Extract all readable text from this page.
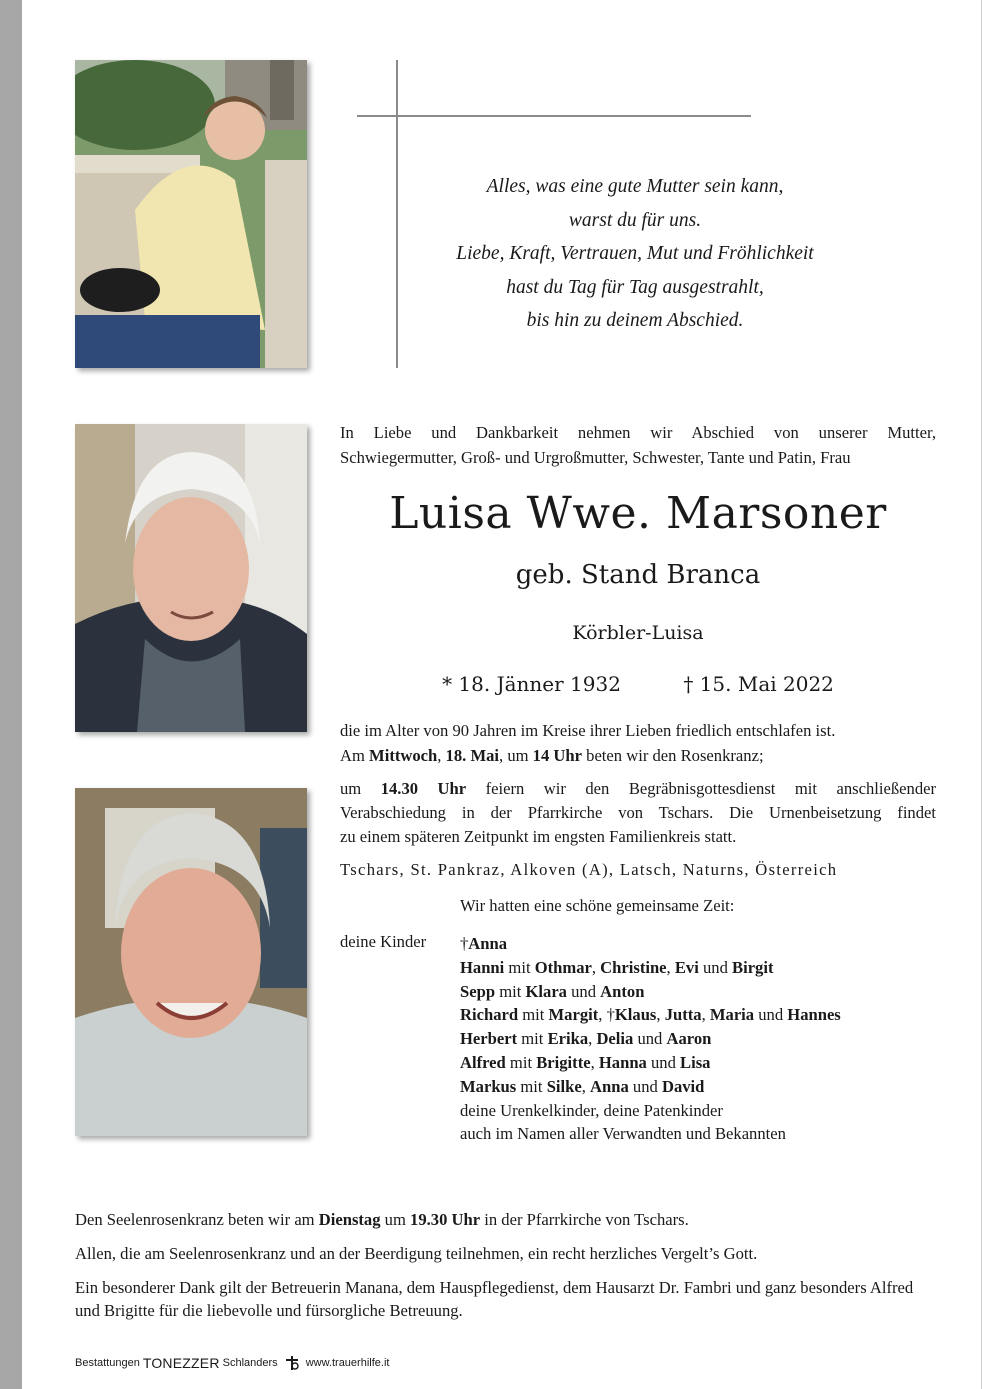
Alles, was eine gute Mutter sein kann,
warst du für uns.
Liebe, Kraft, Vertrauen, Mut und Fröhlichkeit
hast du Tag für Tag ausgestrahlt,
bis hin zu deinem Abschied.
In Liebe und Dankbarkeit nehmen wir Abschied von unserer Mutter,
Schwiegermutter, Groß- und Urgroßmutter, Schwester, Tante und Patin, Frau
Luisa Wwe. Marsoner
geb. Stand Branca
Körbler-Luisa
* 18. Jänner 1932	† 15. Mai 2022
die im Alter von 90 Jahren im Kreise ihrer Lieben friedlich entschlafen ist.
Am Mittwoch, 18. Mai, um 14 Uhr beten wir den Rosenkranz;
um 14.30 Uhr feiern wir den Begräbnisgottesdienst mit anschließender
Verabschiedung in der Pfarrkirche von Tschars. Die Urnenbeisetzung findet
zu einem späteren Zeitpunkt im engsten Familienkreis statt.
Tschars, St. Pankraz, Alkoven (A), Latsch, Naturns, Österreich
Wir hatten eine schöne gemeinsame Zeit:
deine Kinder †Anna
Hanni mit Othmar, Christine, Evi und Birgit
Sepp mit Klara und Anton
Richard mit Margit, †Klaus, Jutta, Maria und Hannes
Herbert mit Erika, Delia und Aaron
Alfred mit Brigitte, Hanna und Lisa
Markus mit Silke, Anna und David
deine Urenkelkinder, deine Patenkinder
auch im Namen aller Verwandten und Bekannten
Den Seelenrosenkranz beten wir am Dienstag um 19.30 Uhr in der Pfarrkirche von Tschars.
Allen, die am Seelenrosenkranz und an der Beerdigung teilnehmen, ein recht herzliches Vergelt’s Gott.
Ein besonderer Dank gilt der Betreuerin Manana, dem Hauspflegedienst, dem Hausarzt Dr. Fambri und ganz besonders Alfred und Brigitte für die liebevolle und fürsorgliche Betreuung.
Bestattungen TONEZZER Schlanders	www.trauerhilfe.it
